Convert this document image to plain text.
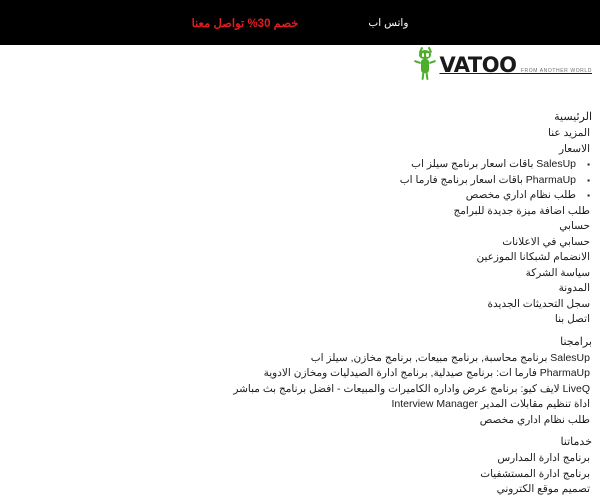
واتس اب
خصم 30% تواصل معنا
VATOO FROM ANOTHER WORLD
الرئيسية
المزيد عنا
الاسعار
▪ باقات اسعار برنامج سيلز اب SalesUp
▪ باقات اسعار برنامج فارما اب PharmaUp
▪ طلب نظام اداري مخصص
طلب اضافة ميزة جديدة للبرامج
حسابي
حسابي في الاعلانات
الانضمام لشبكانا الموزعين
سياسة الشركة
المدونة
سجل التحديثات الجديدة
اتصل بنا
برامجنا
SalesUp برنامج محاسبة, برنامج مبيعات, برنامج مخازن, سيلز اب
PharmaUp فارما ات: برنامج صيدلية, برنامج ادارة الصيدليات ومخازن الادوية
LiveQ لايف كيو: برنامج عرض واداره الكاميرات والمبيعات - افضل برنامج بث مباشر
اداة تنظيم مقابلات المدير Interview Manager
طلب نظام اداري مخصص
خدماتنا
برنامج ادارة المدارس
برنامج ادارة المستشفيات
تصميم موقع الكتروني
